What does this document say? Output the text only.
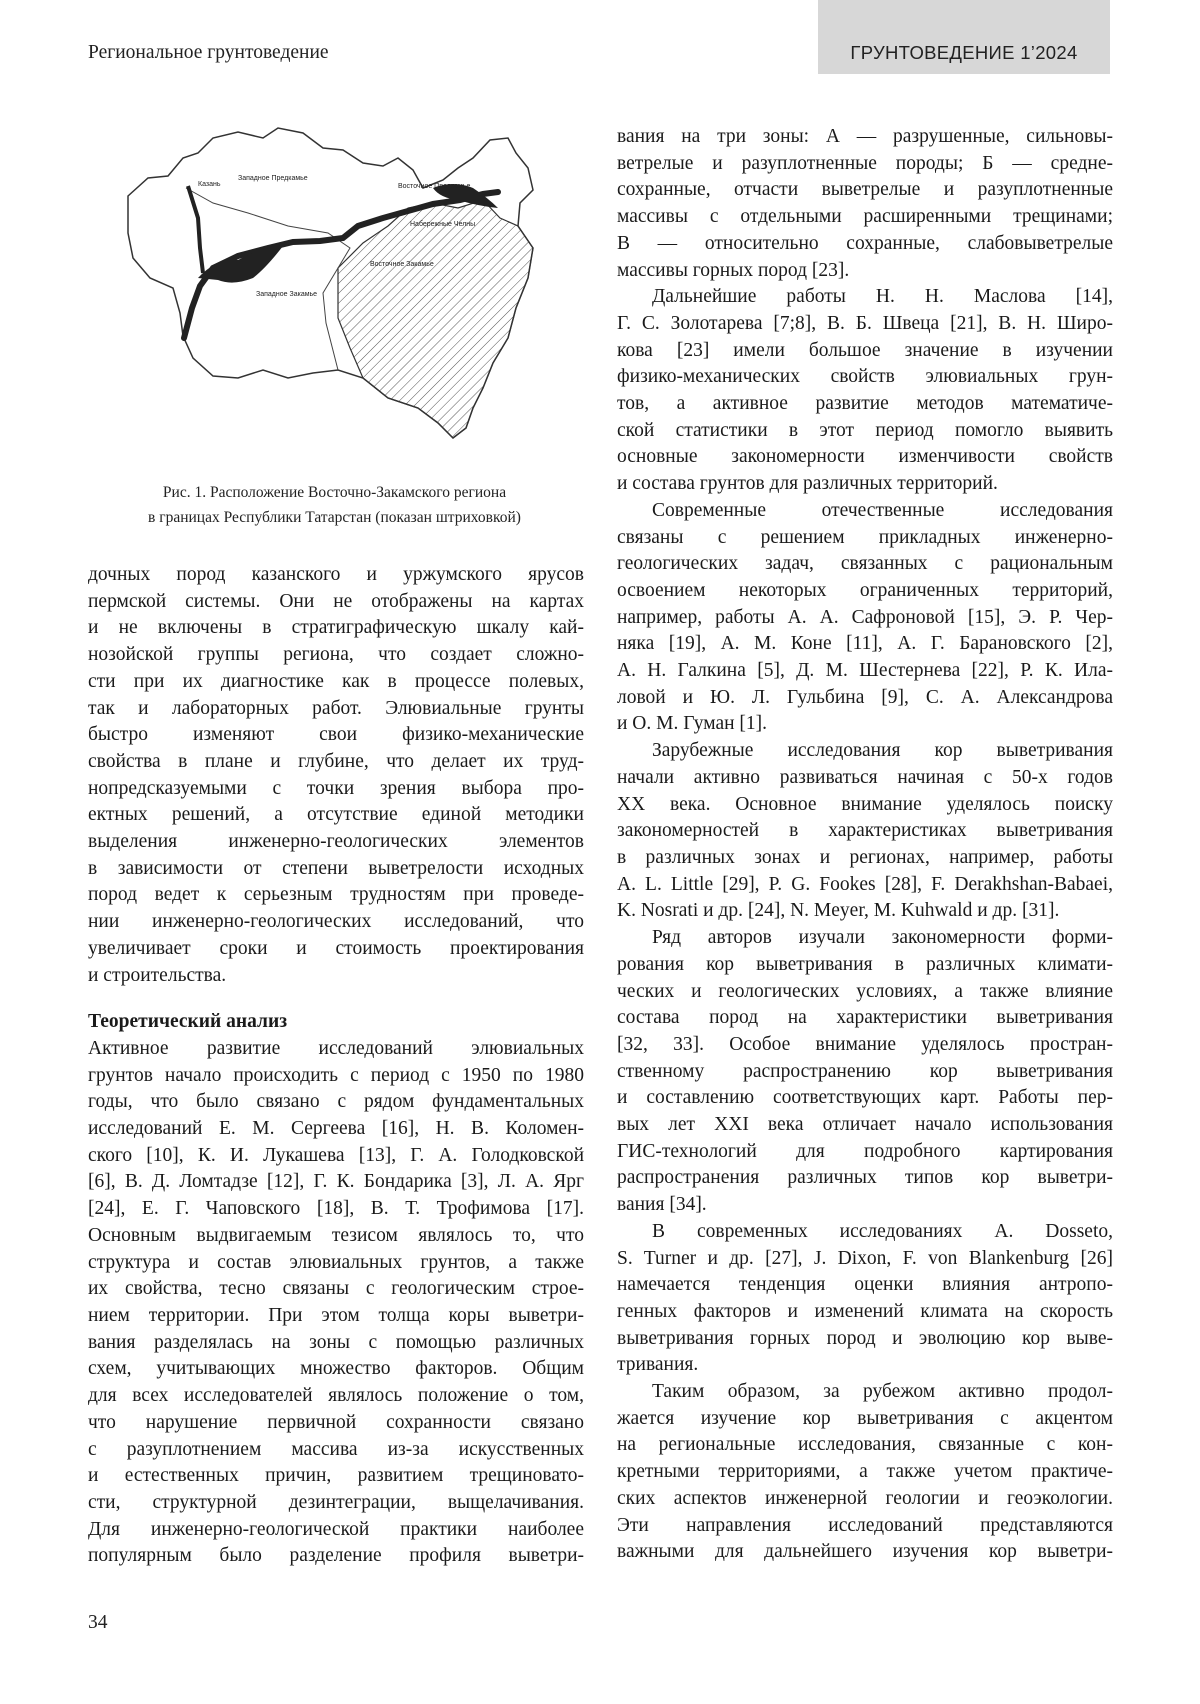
Региональное грунтоведение	ГРУНТОВЕДЕНИЕ 1’2024
Казань
Западное Предкамье
Восточное Предкамье
Набережные Челны
Восточное Закамье
Западное Закамье
Рис. 1. Расположение Восточно-Закамского региона
в границах Республики Татарстан (показан штриховкой)
дочных пород казанского и уржумского ярусов
пермской системы. Они не отображены на картах
и не включены в стратиграфическую шкалу кай-
нозойской группы региона, что создает сложно-
сти при их диагностике как в процессе полевых,
так и лабораторных работ. Элювиальные грунты
быстро изменяют свои физико-механические
свойства в плане и глубине, что делает их труд-
нопредсказуемыми с точки зрения выбора про-
ектных решений, а отсутствие единой методики
выделения инженерно-геологических элементов
в зависимости от степени выветрелости исходных
пород ведет к серьезным трудностям при проведе-
нии инженерно-геологических исследований, что
увеличивает сроки и стоимость проектирования
и строительства.
Теоретический анализ
Активное развитие исследований элювиальных
грунтов начало происходить с период с 1950 по 1980
годы, что было связано с рядом фундаментальных
исследований Е. М. Сергеева [16], Н. В. Коломен-
ского [10], К. И. Лукашева [13], Г. А. Голодковской
[6], В. Д. Ломтадзе [12], Г. К. Бондарика [3], Л. А. Ярг
[24], Е. Г. Чаповского [18], В. Т. Трофимова [17].
Основным выдвигаемым тезисом являлось то, что
структура и состав элювиальных грунтов, а также
их свойства, тесно связаны с геологическим строе-
нием территории. При этом толща коры выветри-
вания разделялась на зоны с помощью различных
схем, учитывающих множество факторов. Общим
для всех исследователей являлось положение о том,
что нарушение первичной сохранности связано
с разуплотнением массива из-за искусственных
и естественных причин, развитием трещиновато-
сти, структурной дезинтеграции, выщелачивания.
Для инженерно-геологической практики наиболее
популярным было разделение профиля выветри-
вания на три зоны: А — разрушенные, сильновы-
ветрелые и разуплотненные породы; Б — средне-
сохранные, отчасти выветрелые и разуплотненные
массивы с отдельными расширенными трещинами;
В — относительно сохранные, слабовыветрелые
массивы горных пород [23].
Дальнейшие работы Н. Н. Маслова [14],
Г. С. Золотарева [7;8], В. Б. Швеца [21], В. Н. Широ-
кова [23] имели большое значение в изучении
физико-механических свойств элювиальных грун-
тов, а активное развитие методов математиче-
ской статистики в этот период помогло выявить
основные закономерности изменчивости свойств
и состава грунтов для различных территорий.
Современные отечественные исследования
связаны с решением прикладных инженерно-
геологических задач, связанных с рациональным
освоением некоторых ограниченных территорий,
например, работы А. А. Сафроновой [15], Э. Р. Чер-
няка [19], А. М. Коне [11], А. Г. Барановского [2],
А. Н. Галкина [5], Д. М. Шестернева [22], Р. К. Ила-
ловой и Ю. Л. Гульбина [9], С. А. Александрова
и О. М. Гуман [1].
Зарубежные исследования кор выветривания
начали активно развиваться начиная с 50-х годов
XX века. Основное внимание уделялось поиску
закономерностей в характеристиках выветривания
в различных зонах и регионах, например, работы
A. L. Little [29], P. G. Fookes [28], F. Derakhshan-Babaei,
K. Nosrati и др. [24], N. Meyer, M. Kuhwald и др. [31].
Ряд авторов изучали закономерности форми-
рования кор выветривания в различных климати-
ческих и геологических условиях, а также влияние
состава пород на характеристики выветривания
[32, 33]. Особое внимание уделялось простран-
ственному распространению кор выветривания
и составлению соответствующих карт. Работы пер-
вых лет XXI века отличает начало использования
ГИС-технологий для подробного картирования
распространения различных типов кор выветри-
вания [34].
В современных исследованиях A. Dosseto,
S. Turner и др. [27], J. Dixon, F. von Blankenburg [26]
намечается тенденция оценки влияния антропо-
генных факторов и изменений климата на скорость
выветривания горных пород и эволюцию кор выве-
тривания.
Таким образом, за рубежом активно продол-
жается изучение кор выветривания с акцентом
на региональные исследования, связанные с кон-
кретными территориями, а также учетом практиче-
ских аспектов инженерной геологии и геоэкологии.
Эти направления исследований представляются
важными для дальнейшего изучения кор выветри-
34
